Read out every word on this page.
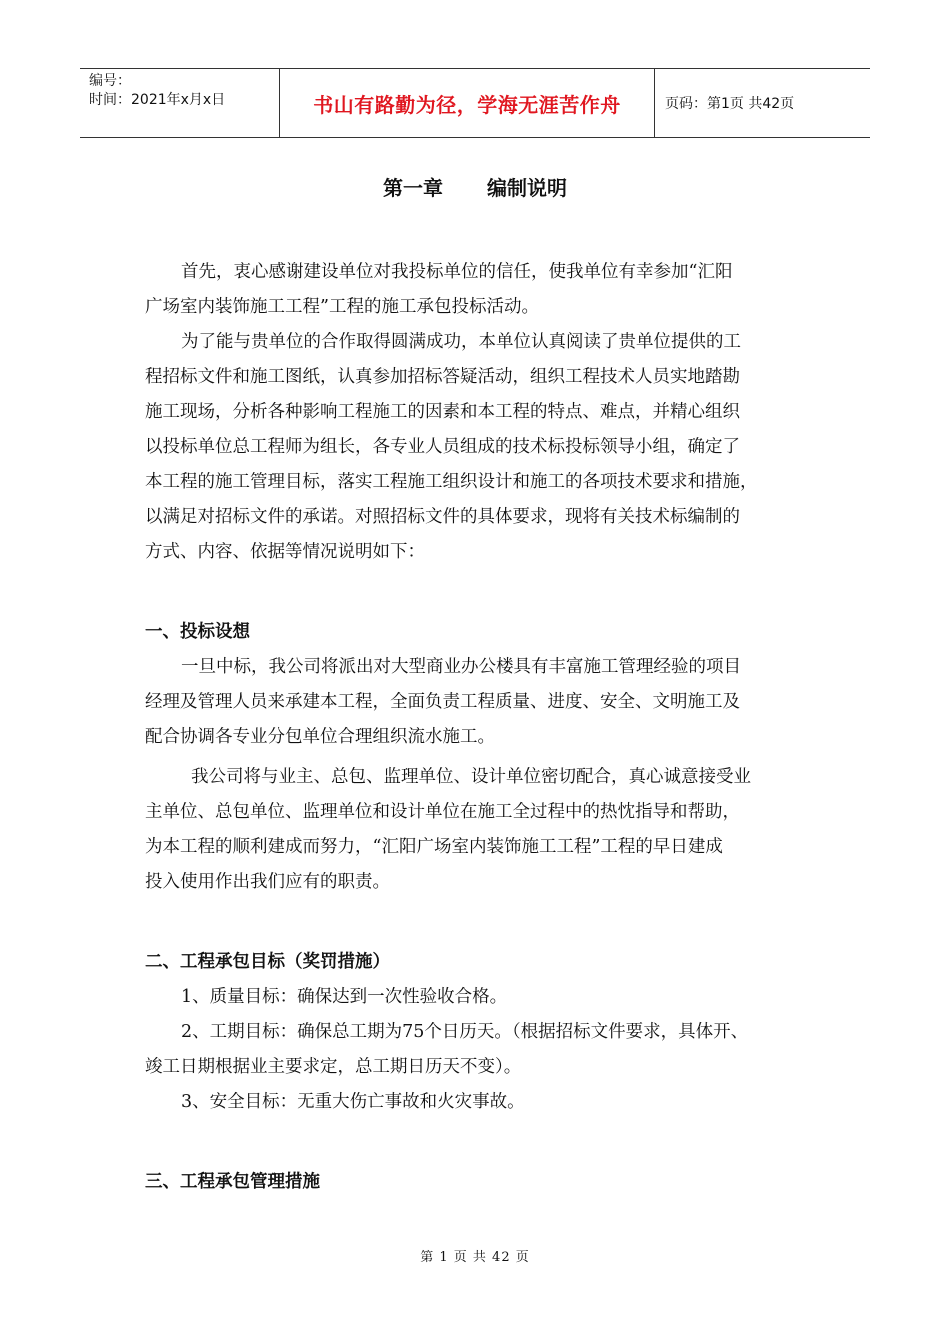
编号：
时间：2021年x月x日	书山有路勤为径，学海无涯苦作舟	页码：第1页 共42页
第一章 编制说明
首先，衷心感谢建设单位对我投标单位的信任，使我单位有幸参加“汇阳
广场室内装饰施工工程”工程的施工承包投标活动。
为了能与贵单位的合作取得圆满成功，本单位认真阅读了贵单位提供的工
程招标文件和施工图纸，认真参加招标答疑活动，组织工程技术人员实地踏勘
施工现场，分析各种影响工程施工的因素和本工程的特点、难点，并精心组织
以投标单位总工程师为组长，各专业人员组成的技术标投标领导小组，确定了
本工程的施工管理目标，落实工程施工组织设计和施工的各项技术要求和措施，
以满足对招标文件的承诺。对照招标文件的具体要求，现将有关技术标编制的
方式、内容、依据等情况说明如下：
一、投标设想
一旦中标，我公司将派出对大型商业办公楼具有丰富施工管理经验的项目
经理及管理人员来承建本工程，全面负责工程质量、进度、安全、文明施工及
配合协调各专业分包单位合理组织流水施工。
我公司将与业主、总包、监理单位、设计单位密切配合，真心诚意接受业
主单位、总包单位、监理单位和设计单位在施工全过程中的热忱指导和帮助，
为本工程的顺利建成而努力，“汇阳广场室内装饰施工工程”工程的早日建成
投入使用作出我们应有的职责。
二、工程承包目标（奖罚措施）
1、质量目标：确保达到一次性验收合格。
2、工期目标：确保总工期为75个日历天。（根据招标文件要求，具体开、
竣工日期根据业主要求定，总工期日历天不变）。
3、安全目标：无重大伤亡事故和火灾事故。
三、工程承包管理措施
第 1 页 共 42 页
